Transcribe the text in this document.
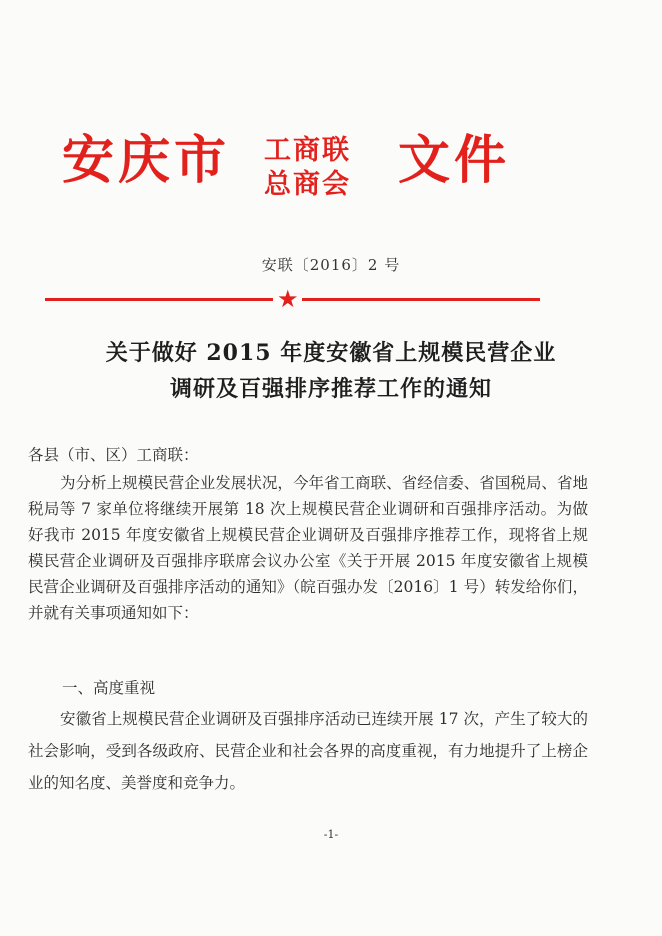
安庆市 工商联
总商会 文件
安联〔2016〕2 号
★
关于做好 2015 年度安徽省上规模民营企业
调研及百强排序推荐工作的通知
各县（市、区）工商联：
为分析上规模民营企业发展状况，今年省工商联、省经信委、省国税局、省地税局等 7 家单位将继续开展第 18 次上规模民营企业调研和百强排序活动。为做好我市 2015 年度安徽省上规模民营企业调研及百强排序推荐工作，现将省上规模民营企业调研及百强排序联席会议办公室《关于开展 2015 年度安徽省上规模民营企业调研及百强排序活动的通知》（皖百强办发〔2016〕1 号）转发给你们，并就有关事项通知如下：
一、高度重视
安徽省上规模民营企业调研及百强排序活动已连续开展 17 次，产生了较大的社会影响，受到各级政府、民营企业和社会各界的高度重视，有力地提升了上榜企业的知名度、美誉度和竞争力。
-1-
